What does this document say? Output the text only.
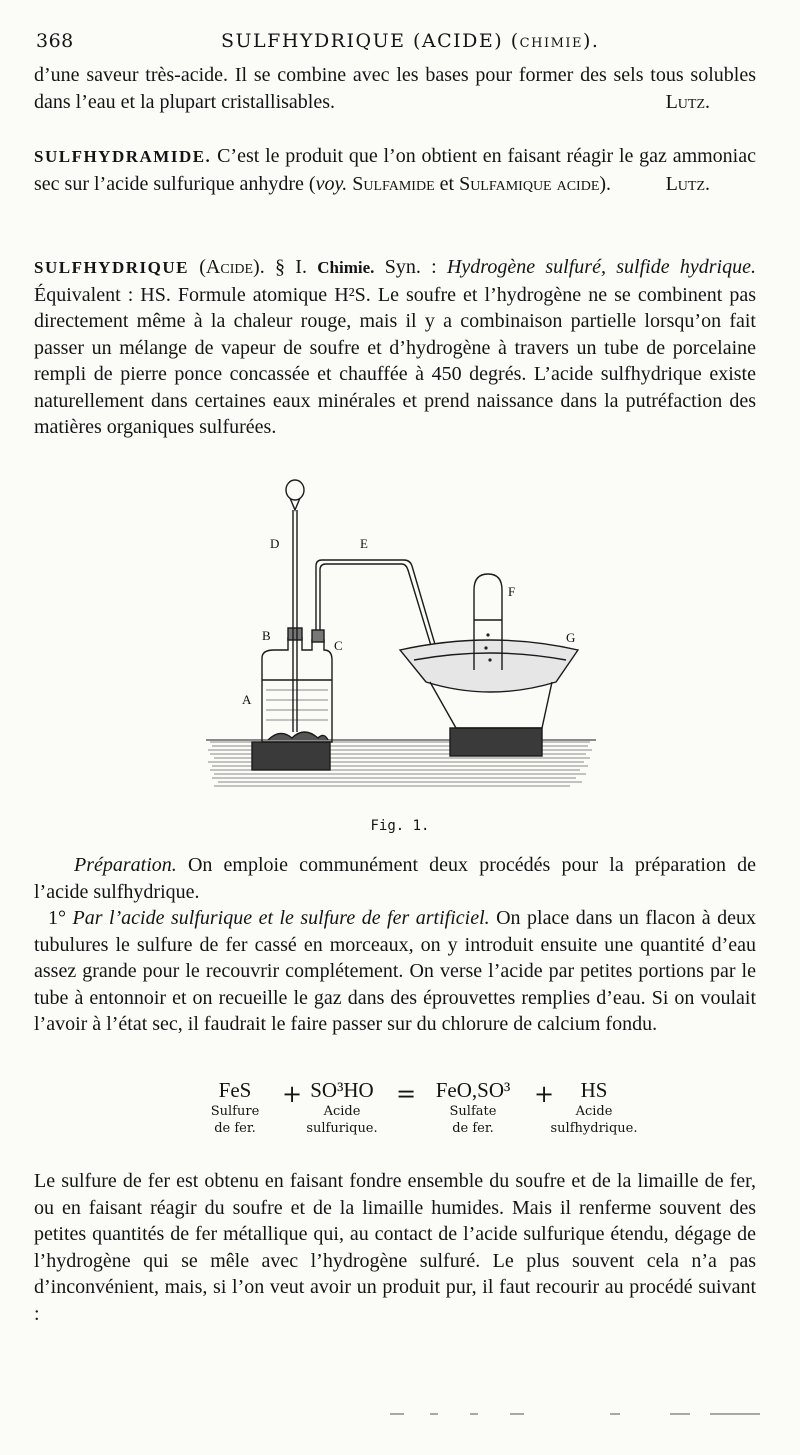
368	SULFHYDRIQUE (ACIDE) (CHIMIE).
d’une saveur très-acide. Il se combine avec les bases pour former des sels tous solubles dans l’eau et la plupart cristallisables.	Lutz.
SULFHYDRAMIDE. C’est le produit que l’on obtient en faisant réagir le gaz ammoniac sec sur l’acide sulfurique anhydre (voy. Sulfamide et Sulfamique acide).	Lutz.
SULFHYDRIQUE (Acide). § I. Chimie. Syn. : Hydrogène sulfuré, sulfide hydrique. Équivalent : HS. Formule atomique H²S. Le soufre et l’hydrogène ne se combinent pas directement même à la chaleur rouge, mais il y a combinaison partielle lorsqu’on fait passer un mélange de vapeur de soufre et d’hydrogène à travers un tube de porcelaine rempli de pierre ponce concassée et chauffée à 450 degrés. L’acide sulfhydrique existe naturellement dans certaines eaux minérales et prend naissance dans la putréfaction des matières organiques sulfurées.
D	E
F
G
B
C
A
Fig. 1.
Préparation. On emploie communément deux procédés pour la préparation de l’acide sulfhydrique.
1° Par l’acide sulfurique et le sulfure de fer artificiel. On place dans un flacon à deux tubulures le sulfure de fer cassé en morceaux, on y introduit ensuite une quantité d’eau assez grande pour le recouvrir complétement. On verse l’acide par petites portions par le tube à entonnoir et on recueille le gaz dans des éprouvettes remplies d’eau. Si on voulait l’avoir à l’état sec, il faudrait le faire passer sur du chlorure de calcium fondu.
FeS
Sulfure
de fer.
+ SO³HO
Acide
sulfurique.
= FeO,SO³
Sulfate
de fer.
+	HS
Acide
sulfhydrique.
Le sulfure de fer est obtenu en faisant fondre ensemble du soufre et de la limaille de fer, ou en faisant réagir du soufre et de la limaille humides. Mais il renferme souvent des petites quantités de fer métallique qui, au contact de l’acide sulfurique étendu, dégage de l’hydrogène qui se mêle avec l’hydrogène sulfuré. Le plus souvent cela n’a pas d’inconvénient, mais, si l’on veut avoir un produit pur, il faut recourir au procédé suivant :
